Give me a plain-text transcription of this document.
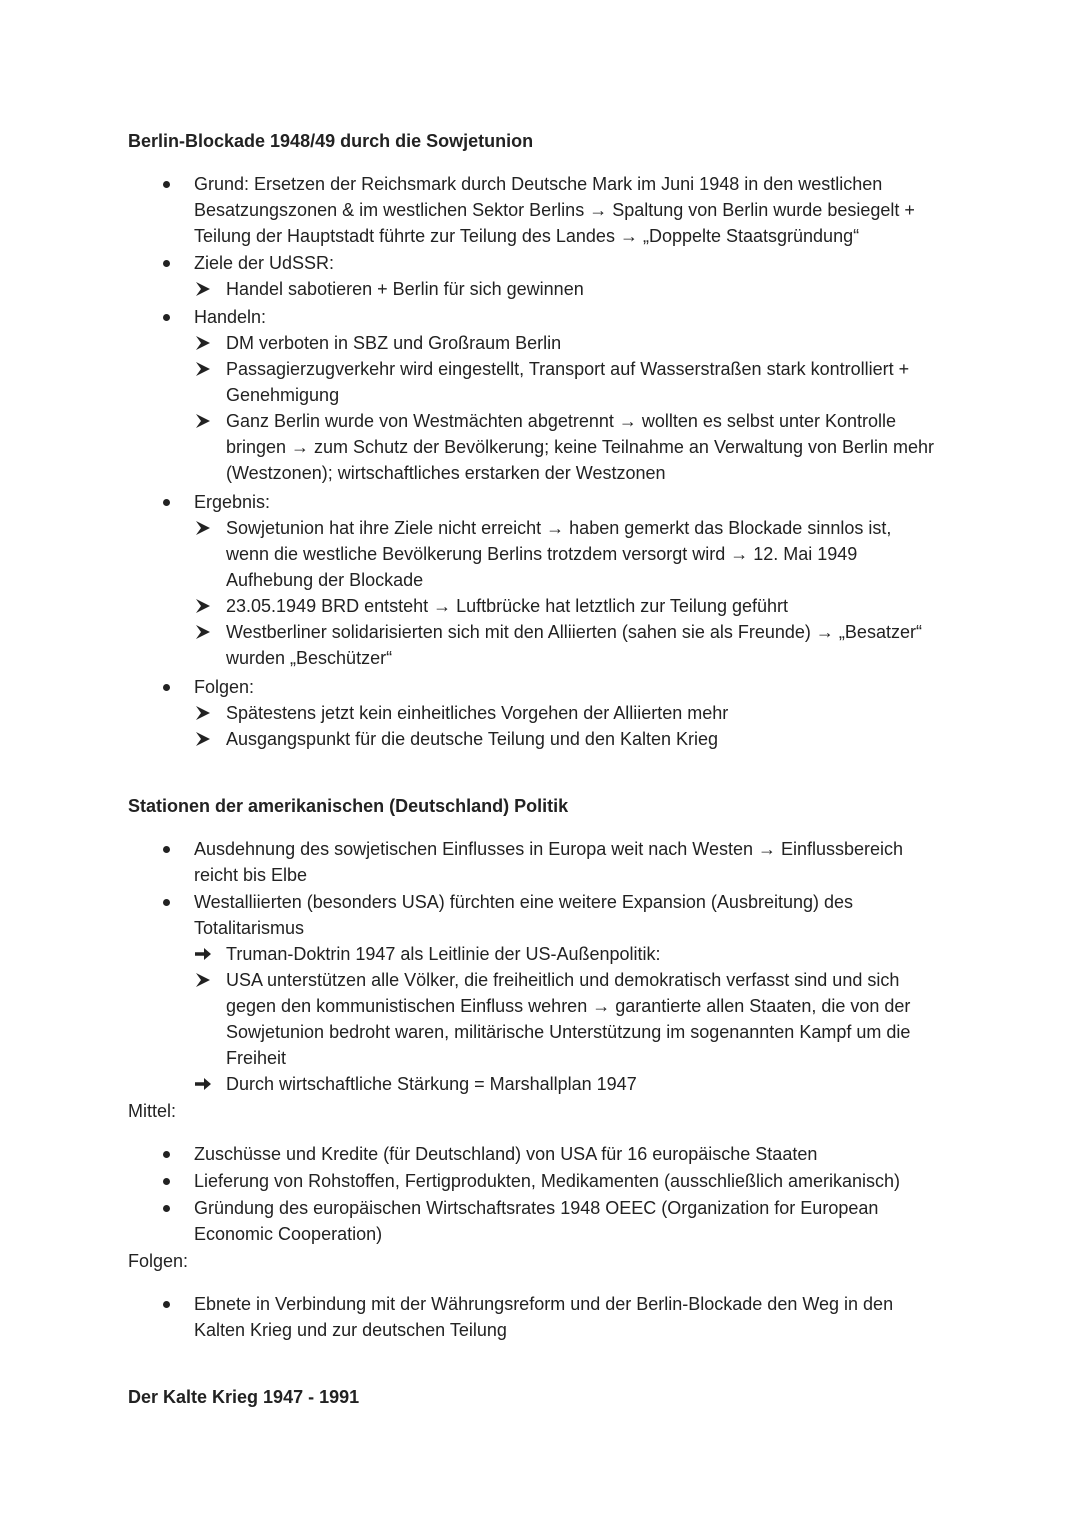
Berlin-Blockade 1948/49 durch die Sowjetunion
Grund: Ersetzen der Reichsmark durch Deutsche Mark im Juni 1948 in den westlichen
Besatzungszonen & im westlichen Sektor Berlins → Spaltung von Berlin wurde besiegelt +
Teilung der Hauptstadt führte zur Teilung des Landes → „Doppelte Staatsgründung“
Ziele der UdSSR:
Handel sabotieren + Berlin für sich gewinnen
Handeln:
DM verboten in SBZ und Großraum Berlin
Passagierzugverkehr wird eingestellt, Transport auf Wasserstraßen stark kontrolliert +
Genehmigung
Ganz Berlin wurde von Westmächten abgetrennt → wollten es selbst unter Kontrolle
bringen → zum Schutz der Bevölkerung; keine Teilnahme an Verwaltung von Berlin mehr
(Westzonen); wirtschaftliches erstarken der Westzonen
Ergebnis:
Sowjetunion hat ihre Ziele nicht erreicht → haben gemerkt das Blockade sinnlos ist,
wenn die westliche Bevölkerung Berlins trotzdem versorgt wird → 12. Mai 1949
Aufhebung der Blockade
23.05.1949 BRD entsteht → Luftbrücke hat letztlich zur Teilung geführt
Westberliner solidarisierten sich mit den Alliierten (sahen sie als Freunde) → „Besatzer“
wurden „Beschützer“
Folgen:
Spätestens jetzt kein einheitliches Vorgehen der Alliierten mehr
Ausgangspunkt für die deutsche Teilung und den Kalten Krieg
Stationen der amerikanischen (Deutschland) Politik
Ausdehnung des sowjetischen Einflusses in Europa weit nach Westen → Einflussbereich
reicht bis Elbe
Westalliierten (besonders USA) fürchten eine weitere Expansion (Ausbreitung) des
Totalitarismus
Truman-Doktrin 1947 als Leitlinie der US-Außenpolitik:
USA unterstützen alle Völker, die freiheitlich und demokratisch verfasst sind und sich
gegen den kommunistischen Einfluss wehren → garantierte allen Staaten, die von der
Sowjetunion bedroht waren, militärische Unterstützung im sogenannten Kampf um die
Freiheit
Durch wirtschaftliche Stärkung = Marshallplan 1947
Mittel:
Zuschüsse und Kredite (für Deutschland) von USA für 16 europäische Staaten
Lieferung von Rohstoffen, Fertigprodukten, Medikamenten (ausschließlich amerikanisch)
Gründung des europäischen Wirtschaftsrates 1948 OEEC (Organization for European
Economic Cooperation)
Folgen:
Ebnete in Verbindung mit der Währungsreform und der Berlin-Blockade den Weg in den
Kalten Krieg und zur deutschen Teilung
Der Kalte Krieg 1947 - 1991
